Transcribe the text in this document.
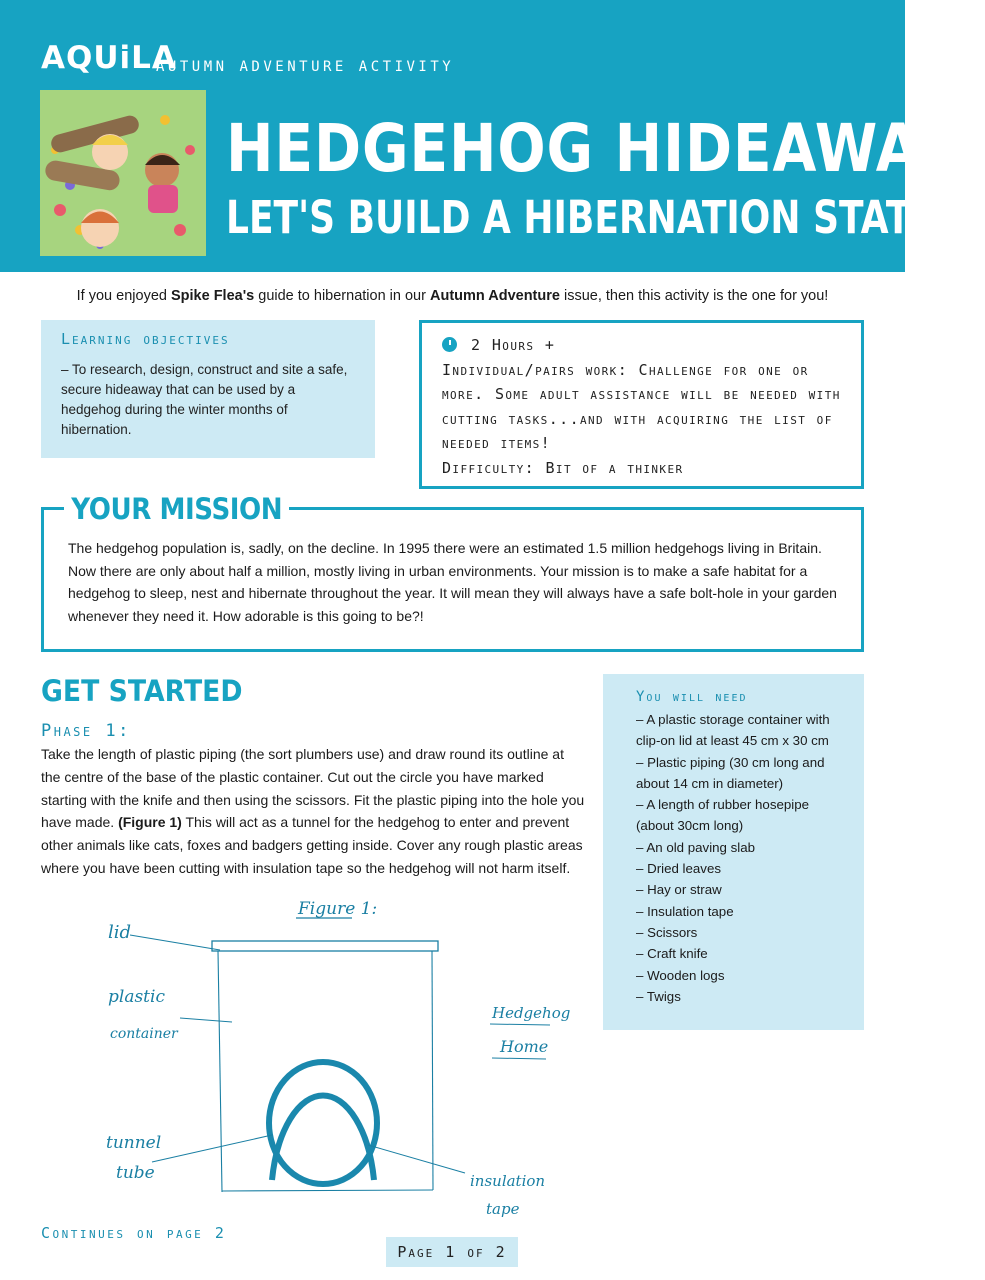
AQUiLA
AUTUMN ADVENTURE ACTIVITY
HEDGEHOG HIDEAWAY
LET'S BUILD A HIBERNATION STATION
If you enjoyed Spike Flea's guide to hibernation in our Autumn Adventure issue, then this activity is the one for you!
Learning objectives
– To research, design, construct and site a safe, secure hideaway that can be used by a hedgehog during the winter months of hibernation.
2 Hours +
Individual/pairs work: Challenge for one or more. Some adult assistance will be needed with cutting tasks...and with acquiring the list of needed items!
Difficulty: Bit of a thinker
YOUR MISSION
The hedgehog population is, sadly, on the decline. In 1995 there were an estimated 1.5 million hedgehogs living in Britain. Now there are only about half a million, mostly living in urban environments. Your mission is to make a safe habitat for a hedgehog to sleep, nest and hibernate throughout the year. It will mean they will always have a safe bolt-hole in your garden whenever they need it. How adorable is this going to be?!
GET STARTED
Phase 1:
Take the length of plastic piping (the sort plumbers use) and draw round its outline at the centre of the base of the plastic container. Cut out the circle you have marked starting with the knife and then using the scissors. Fit the plastic piping into the hole you have made. (Figure 1) This will act as a tunnel for the hedgehog to enter and prevent other animals like cats, foxes and badgers getting inside. Cover any rough plastic areas where you have been cutting with insulation tape so the hedgehog will not harm itself.
You will need
– A plastic storage container with clip-on lid at least 45 cm x 30 cm
– Plastic piping (30 cm long and about 14 cm in diameter)
– A length of rubber hosepipe (about 30cm long)
– An old paving slab
– Dried leaves
– Hay or straw
– Insulation tape
– Scissors
– Craft knife
– Wooden logs
– Twigs
Figure 1:
lid
plastic
container
Hedgehog
Home
tunnel
tube	insulation
tape
Continues on page 2
Page 1 of 2
